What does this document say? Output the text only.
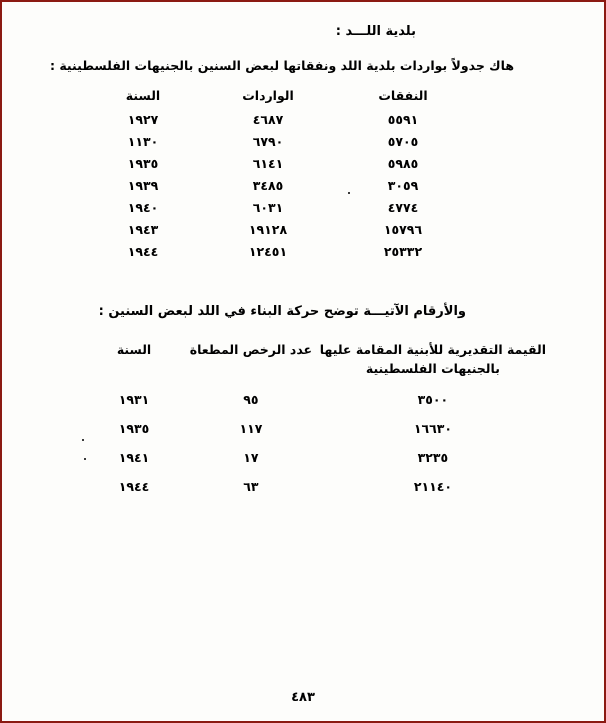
بلدية اللـــد :
هاك جدولاً بواردات بلدية اللد ونفقاتها لبعض السنين بالجنيهات الفلسطينية :
النفقات	الواردات	السنة
٥٥٩١	٤٦٨٧	١٩٢٧
٥٧٠٥	٦٧٩٠	١١٣٠
٥٩٨٥	٦١٤١	١٩٣٥
٣٠٥٩	٣٤٨٥	١٩٣٩
٤٧٧٤	٦٠٣١	١٩٤٠
١٥٧٩٦	١٩١٢٨	١٩٤٣
٢٥٣٣٢	١٢٤٥١	١٩٤٤
والأرقام الآتيـــة توضح حركة البناء في اللد لبعض السنين :
القيمة التقديرية للأبنية المقامة عليها
بالجنيهات الفلسطينية	عدد الرخص المطعاة	السنة
٣٥٠٠	٩٥	١٩٣١
١٦٦٣٠	١١٧	١٩٣٥
٣٢٣٥	١٧	١٩٤١
٢١١٤٠	٦٣	١٩٤٤
٤٨٣
